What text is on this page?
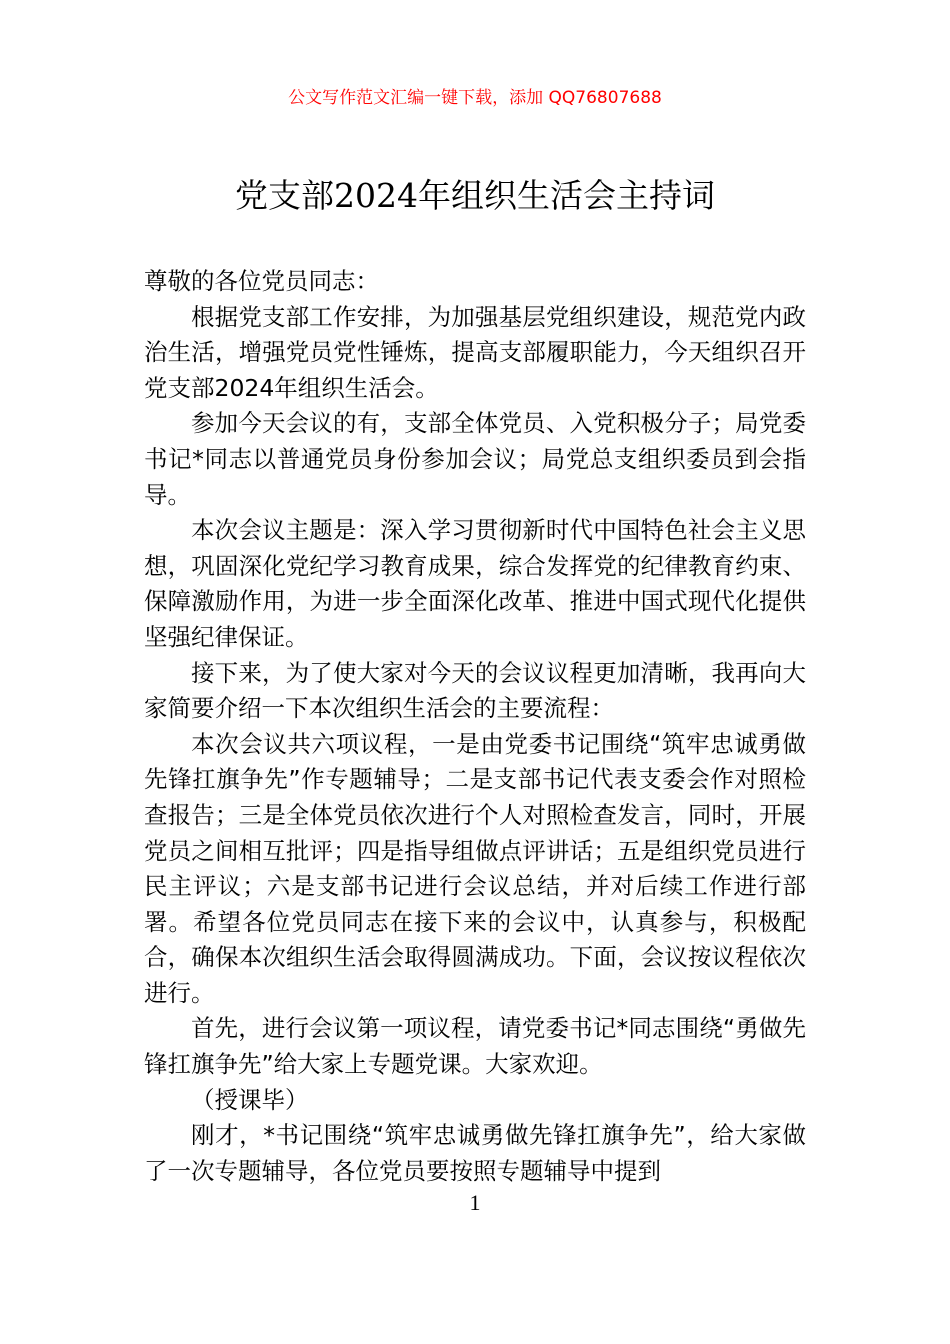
公文写作范文汇编一键下载，添加 QQ76807688
党支部2024年组织生活会主持词

尊敬的各位党员同志：

根据党支部工作安排，为加强基层党组织建设，规范党内政治生活，增强党员党性锤炼，提高支部履职能力，今天组织召开党支部2024年组织生活会。

参加今天会议的有，支部全体党员、入党积极分子；局党委书记*同志以普通党员身份参加会议；局党总支组织委员到会指导。

本次会议主题是：深入学习贯彻新时代中国特色社会主义思想，巩固深化党纪学习教育成果，综合发挥党的纪律教育约束、保障激励作用，为进一步全面深化改革、推进中国式现代化提供坚强纪律保证。

接下来，为了使大家对今天的会议议程更加清晰，我再向大家简要介绍一下本次组织生活会的主要流程：

本次会议共六项议程，一是由党委书记围绕“筑牢忠诚勇做先锋扛旗争先”作专题辅导；二是支部书记代表支委会作对照检查报告；三是全体党员依次进行个人对照检查发言，同时，开展党员之间相互批评；四是指导组做点评讲话；五是组织党员进行民主评议；六是支部书记进行会议总结，并对后续工作进行部署。希望各位党员同志在接下来的会议中，认真参与，积极配合，确保本次组织生活会取得圆满成功。下面，会议按议程依次进行。

首先，进行会议第一项议程，请党委书记*同志围绕“勇做先锋扛旗争先”给大家上专题党课。大家欢迎。

（授课毕）

刚才，*书记围绕“筑牢忠诚勇做先锋扛旗争先”，给大家做了一次专题辅导，各位党员要按照专题辅导中提到

1
